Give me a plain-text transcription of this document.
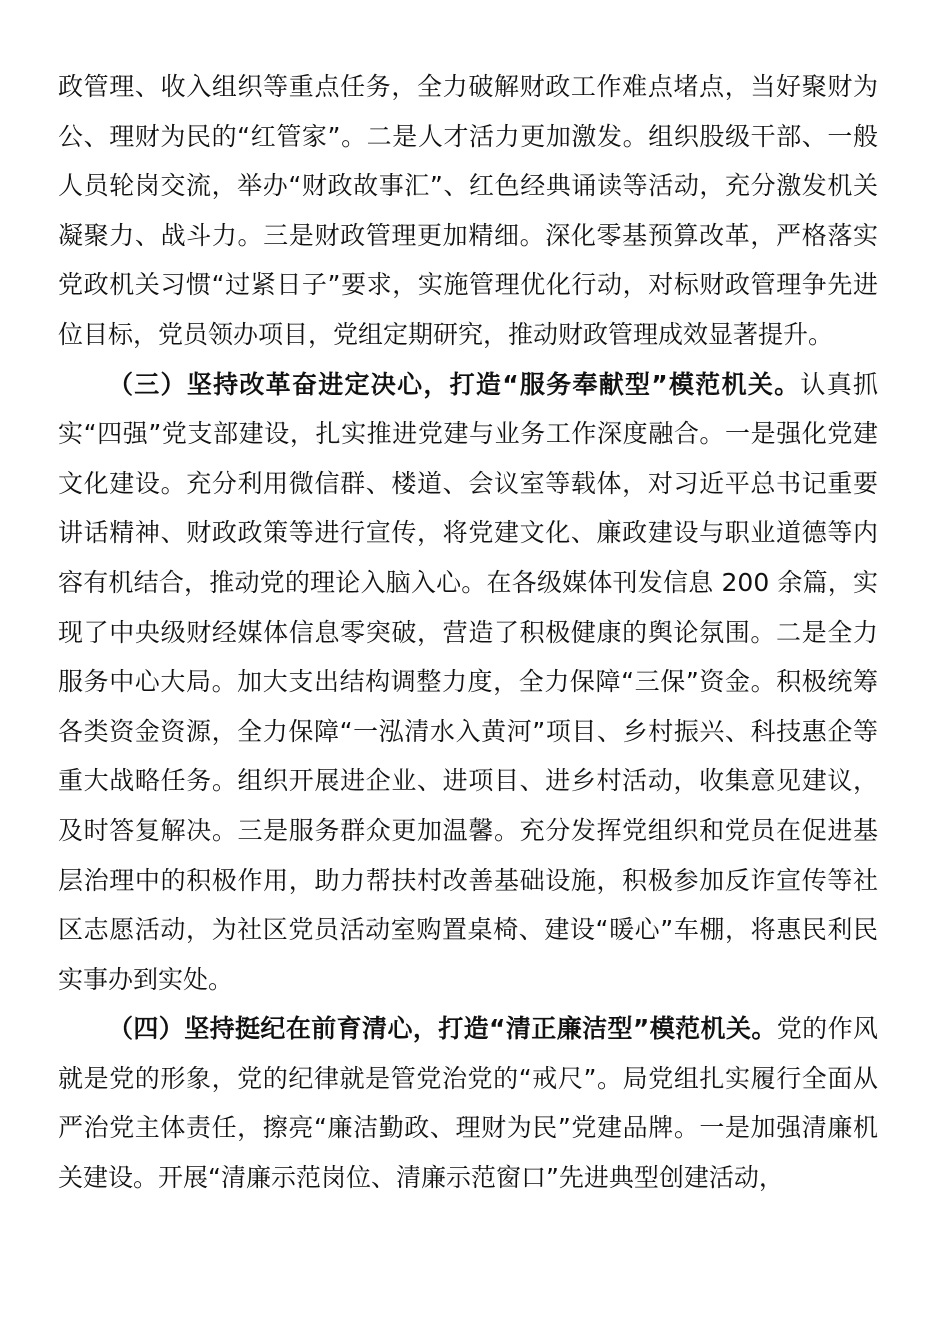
政管理、收入组织等重点任务，全力破解财政工作难点堵点，当好聚财为公、理财为民的“红管家”。二是人才活力更加激发。组织股级干部、一般人员轮岗交流，举办“财政故事汇”、红色经典诵读等活动，充分激发机关凝聚力、战斗力。三是财政管理更加精细。深化零基预算改革，严格落实党政机关习惯“过紧日子”要求，实施管理优化行动，对标财政管理争先进位目标，党员领办项目，党组定期研究，推动财政管理成效显著提升。

（三）坚持改革奋进定决心，打造“服务奉献型”模范机关。认真抓实“四强”党支部建设，扎实推进党建与业务工作深度融合。一是强化党建文化建设。充分利用微信群、楼道、会议室等载体，对习近平总书记重要讲话精神、财政政策等进行宣传，将党建文化、廉政建设与职业道德等内容有机结合，推动党的理论入脑入心。在各级媒体刊发信息 200 余篇，实现了中央级财经媒体信息零突破，营造了积极健康的舆论氛围。二是全力服务中心大局。加大支出结构调整力度，全力保障“三保”资金。积极统筹各类资金资源，全力保障“一泓清水入黄河”项目、乡村振兴、科技惠企等重大战略任务。组织开展进企业、进项目、进乡村活动，收集意见建议，及时答复解决。三是服务群众更加温馨。充分发挥党组织和党员在促进基层治理中的积极作用，助力帮扶村改善基础设施，积极参加反诈宣传等社区志愿活动，为社区党员活动室购置桌椅、建设“暖心”车棚，将惠民利民实事办到实处。

（四）坚持挺纪在前育清心，打造“清正廉洁型”模范机关。党的作风就是党的形象，党的纪律就是管党治党的“戒尺”。局党组扎实履行全面从严治党主体责任，擦亮“廉洁勤政、理财为民”党建品牌。一是加强清廉机关建设。开展“清廉示范岗位、清廉示范窗口”先进典型创建活动，
